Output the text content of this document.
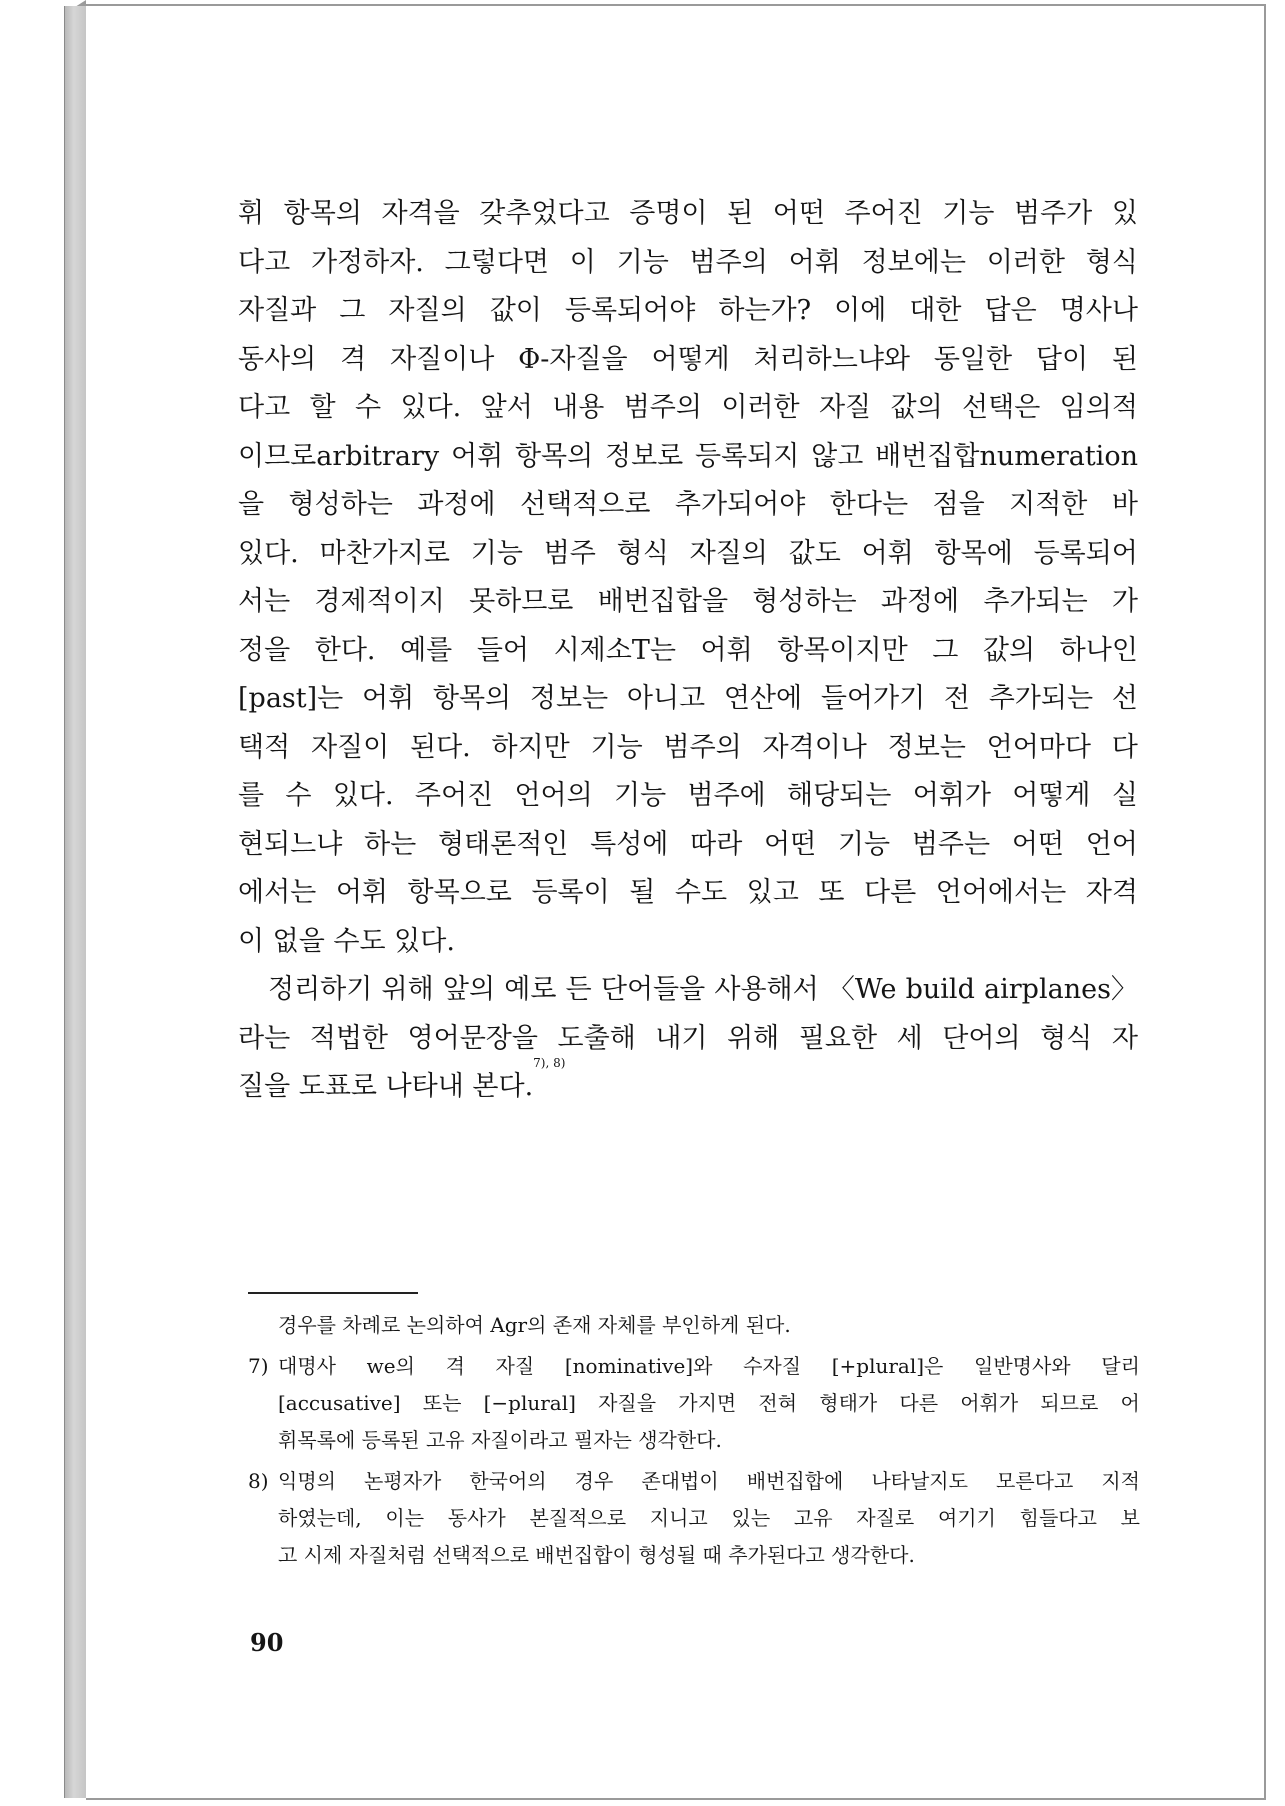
휘 항목의 자격을 갖추었다고 증명이 된 어떤 주어진 기능 범주가 있
다고 가정하자. 그렇다면 이 기능 범주의 어휘 정보에는 이러한 형식
자질과 그 자질의 값이 등록되어야 하는가? 이에 대한 답은 명사나
동사의 격 자질이나 Φ-자질을 어떻게 처리하느냐와 동일한 답이 된
다고 할 수 있다. 앞서 내용 범주의 이러한 자질 값의 선택은 임의적
이므로arbitrary 어휘 항목의 정보로 등록되지 않고 배번집합numeration
을 형성하는 과정에 선택적으로 추가되어야 한다는 점을 지적한 바
있다. 마찬가지로 기능 범주 형식 자질의 값도 어휘 항목에 등록되어
서는 경제적이지 못하므로 배번집합을 형성하는 과정에 추가되는 가
정을 한다. 예를 들어 시제소T는 어휘 항목이지만 그 값의 하나인
[past]는 어휘 항목의 정보는 아니고 연산에 들어가기 전 추가되는 선
택적 자질이 된다. 하지만 기능 범주의 자격이나 정보는 언어마다 다
를 수 있다. 주어진 언어의 기능 범주에 해당되는 어휘가 어떻게 실
현되느냐 하는 형태론적인 특성에 따라 어떤 기능 범주는 어떤 언어
에서는 어휘 항목으로 등록이 될 수도 있고 또 다른 언어에서는 자격
이 없을 수도 있다.
정리하기 위해 앞의 예로 든 단어들을 사용해서 〈We build airplanes〉
라는 적법한 영어문장을 도출해 내기 위해 필요한 세 단어의 형식 자
질을 도표로 나타내 본다.
7), 8)
경우를 차례로 논의하여 Agr의 존재 자체를 부인하게 된다.
7) 대명사 we의 격 자질 [nominative]와 수자질 [+plural]은 일반명사와 달리
[accusative] 또는 [−plural] 자질을 가지면 전혀 형태가 다른 어휘가 되므로 어
휘목록에 등록된 고유 자질이라고 필자는 생각한다.
8) 익명의 논평자가 한국어의 경우 존대법이 배번집합에 나타날지도 모른다고 지적
하였는데, 이는 동사가 본질적으로 지니고 있는 고유 자질로 여기기 힘들다고 보
고 시제 자질처럼 선택적으로 배번집합이 형성될 때 추가된다고 생각한다.
90
